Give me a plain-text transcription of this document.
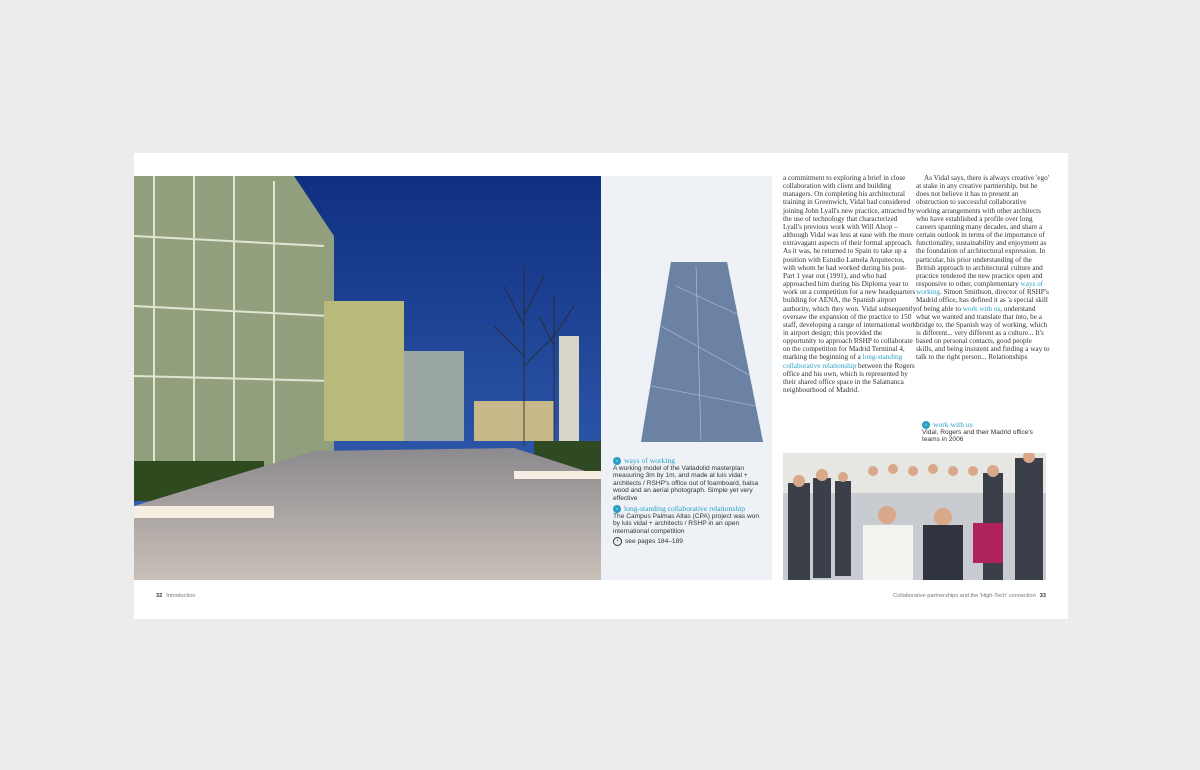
› ways of working
A working model of the Valladolid masterplan measuring 3m by 1m, and made at luis vidal + architects / RSHP's office out of foamboard, balsa wood and an aerial photograph. Simple yet very effective
› long-standing collaborative relationship
The Campus Palmas Altas (CPA) project was won by luis vidal + architects / RSHP in an open international competition
› see pages 184–189

a commitment to exploring a brief in close collaboration with client and building managers. On completing his architectural training in Greenwich, Vidal had considered joining John Lyall's new practice, attracted by the use of technology that characterized Lyall's previous work with Will Alsop – although Vidal was less at ease with the more extravagant aspects of their formal approach. As it was, he returned to Spain to take up a position with Estudio Lamela Arquitectos, with whom he had worked during his post-Part 1 year out (1991), and who had approached him during his Diploma year to work on a competition for a new headquarters building for AENA, the Spanish airport authority, which they won. Vidal subsequently oversaw the expansion of the practice to 150 staff, developing a range of international work in airport design; this provided the opportunity to approach RSHP to collaborate on the competition for Madrid Terminal 4, marking the beginning of a long-standing collaborative relationship between the Rogers office and his own, which is represented by their shared office space in the Salamanca neighbourhood of Madrid.

As Vidal says, there is always creative 'ego' at stake in any creative partnership, but he does not believe it has to present an obstruction to successful collaborative working arrangements with other architects who have established a profile over long careers spanning many decades, and share a certain outlook in terms of the importance of functionality, sustainability and enjoyment as the foundation of architectural expression. In particular, his prior understanding of the British approach to architectural culture and practice rendered the new practice open and responsive to other, complementary ways of working. Simon Smithson, director of RSHP's Madrid office, has defined it as 'a special skill of being able to work with us, understand what we wanted and translate that into, be a bridge to, the Spanish way of working, which is different... very different as a culture... It's based on personal contacts, good people skills, and being insistent and finding a way to talk to the right person... Relationships

› work with us
Vidal, Rogers and their Madrid office's teams in 2006
32 Introduction	Collaborative partnerships and the 'High-Tech' connection 33
